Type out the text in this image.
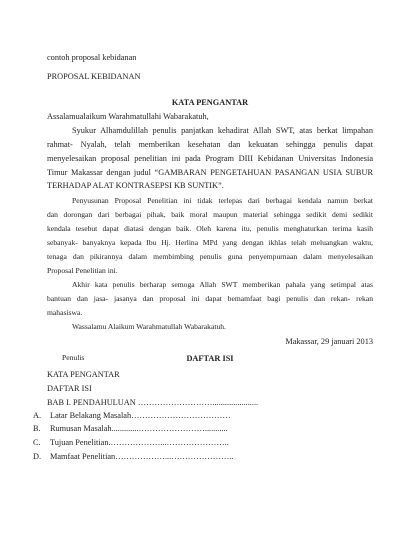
contoh proposal kebidanan
PROPOSAL KEBIDANAN
KATA PENGANTAR
Assalamualaikum Warahmatullahi Wabarakatuh,
Syukur Alhamdulillah penulis panjatkan kehadirat Allah SWT, atas berkat limpahan
rahmat- Nyalah, telah memberikan kesehatan dan kekuatan sehingga penulis dapat
menyelesaikan proposal penelitian ini pada Program DIII Kebidanan Universitas Indonesia
Timur Makassar dengan judul “GAMBARAN PENGETAHUAN PASANGAN USIA SUBUR
TERHADAP ALAT KONTRASEPSI KB SUNTIK”.
Penyusunan Proposal Penelitian ini tidak terlepas dari berbagai kendala namun berkat
dan dorongan dari berbagai pihak, baik moral maupun material sehingga sedikit demi sedikit
kendala tesebut dapat diatasi dengan baik. Oleh karena itu, penulis menghaturkan terima kasih
sebanyak- banyaknya kepada Ibu Hj. Herlina MPd yang dengan ikhlas telah meluangkan waktu,
tenaga dan pikirannya dalam membimbing penulis guna penyempurnaan dalam menyelesaikan
Proposal Penelitian ini.
Akhir kata penulis berharap semoga Allah SWT memberikan pahala yang setimpal atas
bantuan dan jasa- jasanya dan proposal ini dapat bemamfaat bagi penulis dan rekan- rekan
mahasiswa.
Wassalamu Alaikum Warahmatullah Wabarakatuh.
Makassar, 29 januari 2013
Penulis	DAFTAR ISI
KATA PENGANTAR
DAFTAR ISI
BAB I. PENDAHULUAN ………………………......................
A. Latar Belakang Masalah………………………………
B. Rumusan Masalah.............……………………...........
C. Tujuan Penelitian.………………...…………………..
D. Mamfaat Penelitian………………...…………………..
